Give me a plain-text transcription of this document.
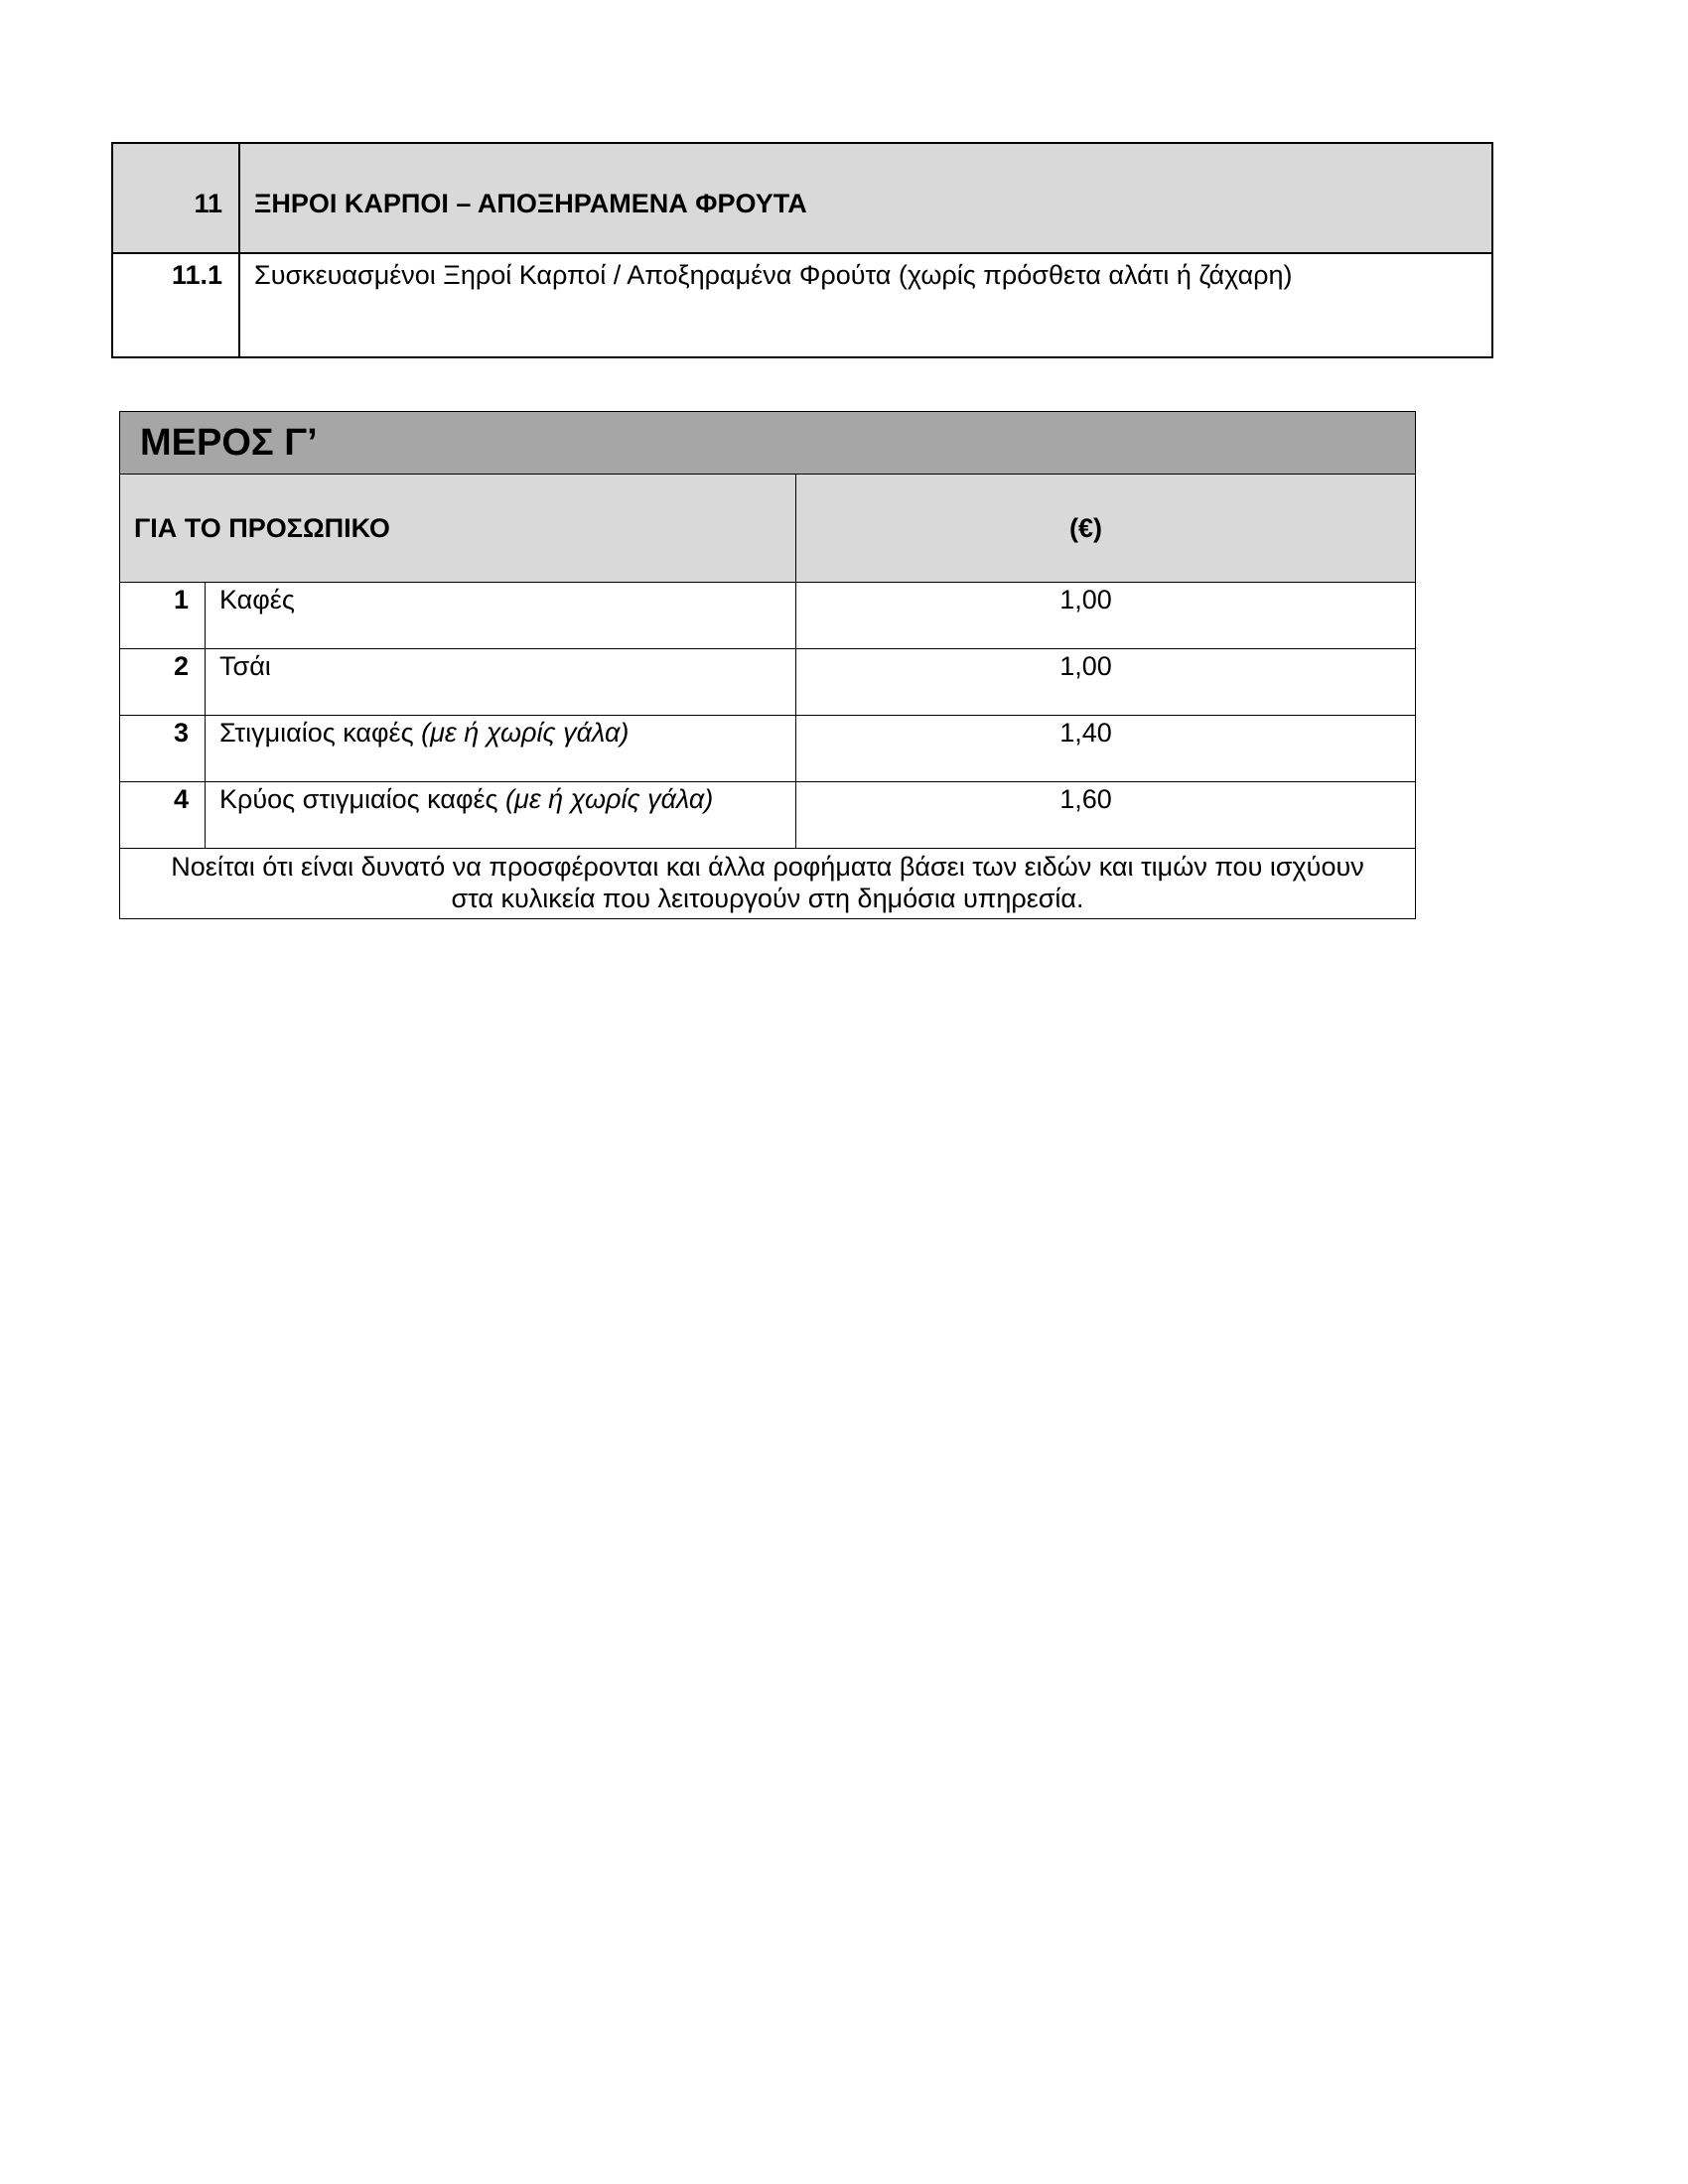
11	ΞΗΡΟΙ ΚΑΡΠΟΙ – ΑΠΟΞΗΡΑΜΕΝΑ ΦΡΟΥΤΑ
11.1	Συσκευασμένοι Ξηροί Καρποί / Αποξηραμένα Φρούτα (χωρίς πρόσθετα αλάτι ή ζάχαρη)
ΜΕΡΟΣ Γ’		
ΓΙΑ ΤΟ ΠΡΟΣΩΠΙΚΟ		(€)
1	Καφές	1,00
2	Τσάι	1,00
3	Στιγμιαίος καφές (με ή χωρίς γάλα)	1,40
4	Κρύος στιγμιαίος καφές (με ή χωρίς γάλα)	1,60
Νοείται ότι είναι δυνατό να προσφέρονται και άλλα ροφήματα βάσει των ειδών και τιμών που ισχύουν
στα κυλικεία που λειτουργούν στη δημόσια υπηρεσία.		
